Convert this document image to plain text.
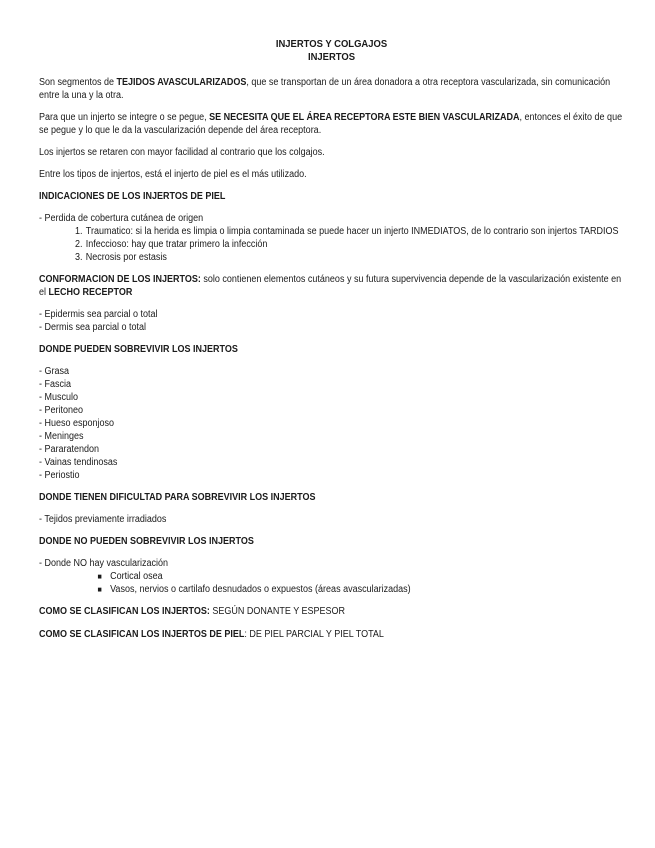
INJERTOS Y COLGAJOS
INJERTOS

Son segmentos de TEJIDOS AVASCULARIZADOS, que se transportan de un área donadora a otra receptora vascularizada, sin comunicación entre la una y la otra.

Para que un injerto se integre o se pegue, SE NECESITA QUE EL ÁREA RECEPTORA ESTE BIEN VASCULARIZADA, entonces el éxito de que se pegue y lo que le da la vascularización depende del área receptora.

Los injertos se retaren con mayor facilidad al contrario que los colgajos.

Entre los tipos de injertos, está el injerto de piel es el más utilizado.

INDICACIONES DE LOS INJERTOS DE PIEL
- Perdida de cobertura cutánea de origen
1. Traumatico: si la herida es limpia o limpia contaminada se puede hacer un injerto INMEDIATOS, de lo contrario son injertos TARDIOS
2. Infeccioso: hay que tratar primero la infección
3. Necrosis por estasis

CONFORMACION DE LOS INJERTOS: solo contienen elementos cutáneos y su futura supervivencia depende de la vascularización existente en el LECHO RECEPTOR

- Epidermis sea parcial o total
- Dermis sea parcial o total
DONDE PUEDEN SOBREVIVIR LOS INJERTOS
- Grasa
- Fascia
- Musculo
- Peritoneo
- Hueso esponjoso
- Meninges
- Pararatendon
- Vainas tendinosas
- Periostio
DONDE TIENEN DIFICULTAD PARA SOBREVIVIR LOS INJERTOS
- Tejidos previamente irradiados
DONDE NO PUEDEN SOBREVIVIR LOS INJERTOS
- Donde NO hay vascularización
■ Cortical osea
■ Vasos, nervios o cartilafo desnudados o expuestos (áreas avascularizadas)

COMO SE CLASIFICAN LOS INJERTOS: SEGÚN DONANTE Y ESPESOR

COMO SE CLASIFICAN LOS INJERTOS DE PIEL: DE PIEL PARCIAL Y PIEL TOTAL
